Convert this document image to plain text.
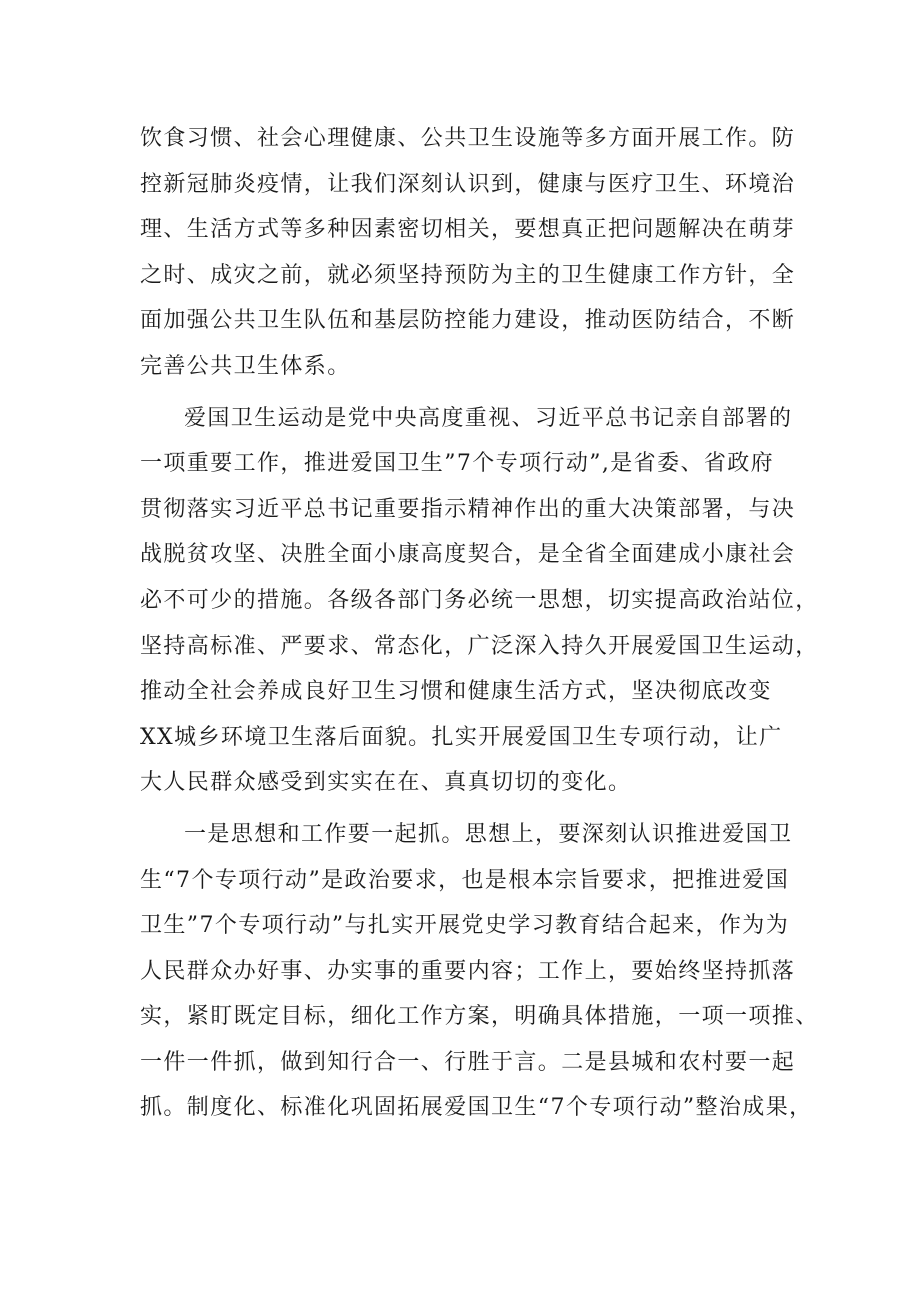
饮食习惯、社会心理健康、公共卫生设施等多方面开展工作。防
控新冠肺炎疫情，让我们深刻认识到，健康与医疗卫生、环境治
理、生活方式等多种因素密切相关，要想真正把问题解决在萌芽
之时、成灾之前，就必须坚持预防为主的卫生健康工作方针，全
面加强公共卫生队伍和基层防控能力建设，推动医防结合，不断
完善公共卫生体系。
爱国卫生运动是党中央高度重视、习近平总书记亲自部署的
一项重要工作，推进爱国卫生”7个专项行动”,是省委、省政府
贯彻落实习近平总书记重要指示精神作出的重大决策部署，与决
战脱贫攻坚、决胜全面小康高度契合，是全省全面建成小康社会
必不可少的措施。各级各部门务必统一思想，切实提高政治站位，
坚持高标准、严要求、常态化，广泛深入持久开展爱国卫生运动，
推动全社会养成良好卫生习惯和健康生活方式，坚决彻底改变
XX城乡环境卫生落后面貌。扎实开展爱国卫生专项行动，让广
大人民群众感受到实实在在、真真切切的变化。
一是思想和工作要一起抓。思想上，要深刻认识推进爱国卫
生“7个专项行动”是政治要求，也是根本宗旨要求，把推进爱国
卫生”7个专项行动”与扎实开展党史学习教育结合起来，作为为
人民群众办好事、办实事的重要内容；工作上，要始终坚持抓落
实，紧盯既定目标，细化工作方案，明确具体措施，一项一项推、
一件一件抓，做到知行合一、行胜于言。二是县城和农村要一起
抓。制度化、标准化巩固拓展爱国卫生“7个专项行动”整治成果，
